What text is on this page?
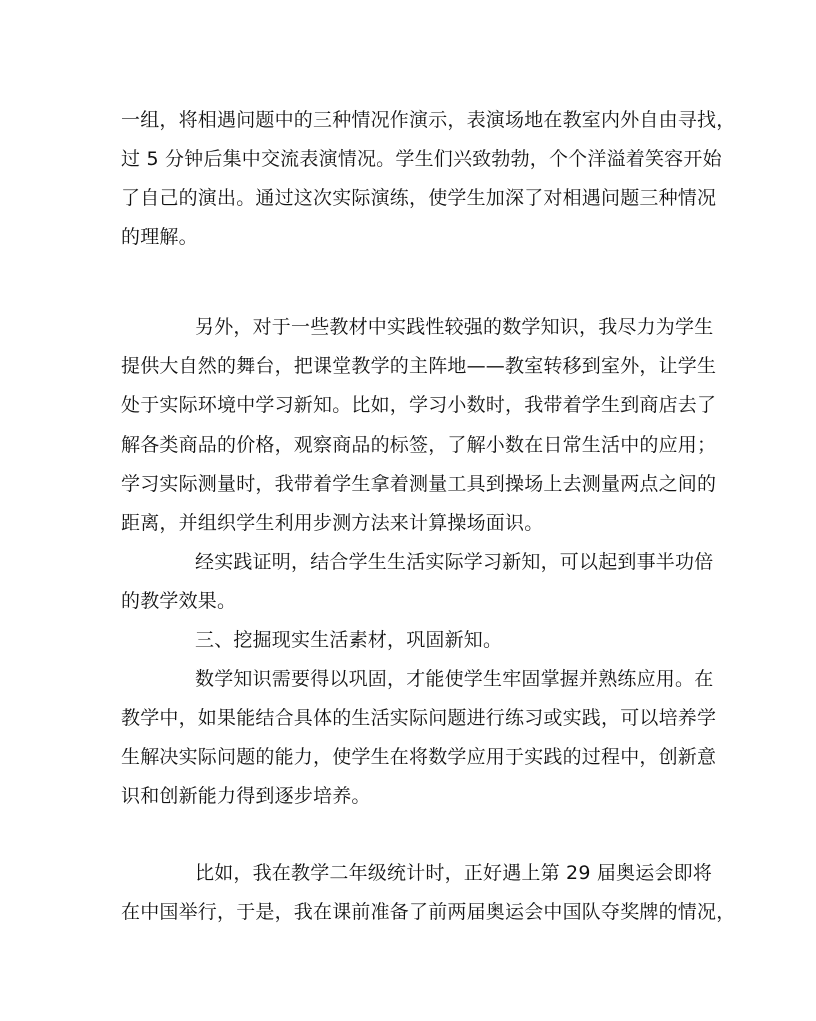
一组，将相遇问题中的三种情况作演示，表演场地在教室内外自由寻找，
过 5 分钟后集中交流表演情况。学生们兴致勃勃，个个洋溢着笑容开始
了自己的演出。通过这次实际演练，使学生加深了对相遇问题三种情况
的理解。
另外，对于一些教材中实践性较强的数学知识，我尽力为学生
提供大自然的舞台，把课堂教学的主阵地——教室转移到室外，让学生
处于实际环境中学习新知。比如，学习小数时，我带着学生到商店去了
解各类商品的价格，观察商品的标签，了解小数在日常生活中的应用；
学习实际测量时，我带着学生拿着测量工具到操场上去测量两点之间的
距离，并组织学生利用步测方法来计算操场面识。
经实践证明，结合学生生活实际学习新知，可以起到事半功倍
的教学效果。
三、挖掘现实生活素材，巩固新知。
数学知识需要得以巩固，才能使学生牢固掌握并熟练应用。在
教学中，如果能结合具体的生活实际问题进行练习或实践，可以培养学
生解决实际问题的能力，使学生在将数学应用于实践的过程中，创新意
识和创新能力得到逐步培养。
比如，我在教学二年级统计时，正好遇上第 29 届奥运会即将
在中国举行，于是，我在课前准备了前两届奥运会中国队夺奖牌的情况，
